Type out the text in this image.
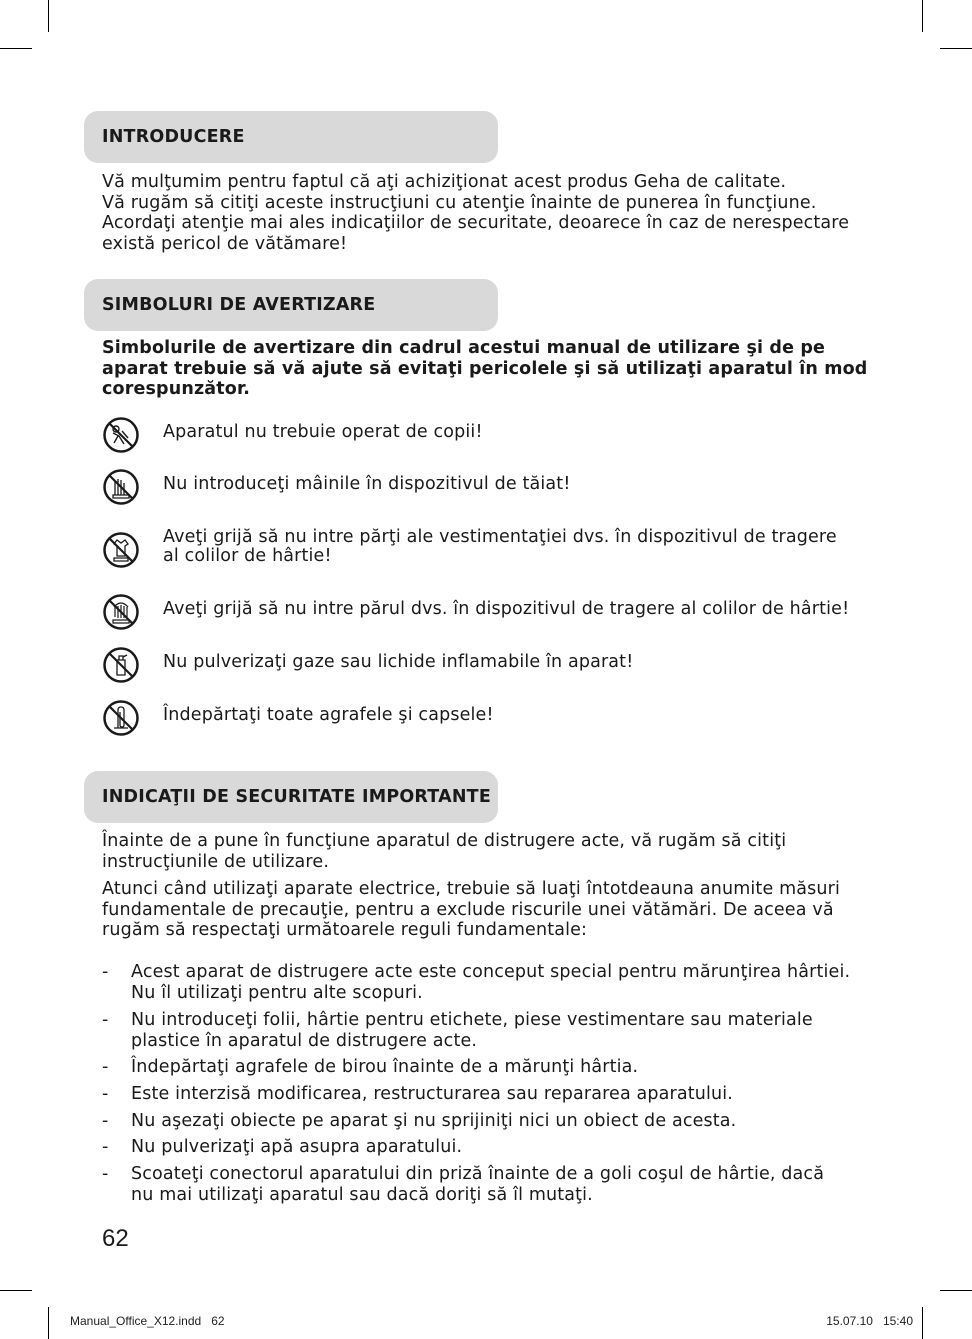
INTRODUCERE
Vă mulţumim pentru faptul că aţi achiziţionat acest produs Geha de calitate.
Vă rugăm să citiţi aceste instrucţiuni cu atenţie înainte de punerea în funcţiune.
Acordaţi atenţie mai ales indicaţiilor de securitate, deoarece în caz de nerespectare
există pericol de vătămare!
SIMBOLURI DE AVERTIZARE
Simbolurile de avertizare din cadrul acestui manual de utilizare şi de pe
aparat trebuie să vă ajute să evitaţi pericolele şi să utilizaţi aparatul în mod
corespunzător.
Aparatul nu trebuie operat de copii!
Nu introduceţi mâinile în dispozitivul de tăiat!
Aveţi grijă să nu intre părţi ale vestimentaţiei dvs. în dispozitivul de tragere
al colilor de hârtie!
Aveţi grijă să nu intre părul dvs. în dispozitivul de tragere al colilor de hârtie!
Nu pulverizaţi gaze sau lichide inflamabile în aparat!
Îndepărtaţi toate agrafele şi capsele!
INDICAŢII DE SECURITATE IMPORTANTE
Înainte de a pune în funcţiune aparatul de distrugere acte, vă rugăm să citiţi
instrucţiunile de utilizare.
Atunci când utilizaţi aparate electrice, trebuie să luaţi întotdeauna anumite măsuri
fundamentale de precauţie, pentru a exclude riscurile unei vătămări. De aceea vă
rugăm să respectaţi următoarele reguli fundamentale:
- Acest aparat de distrugere acte este conceput special pentru mărunţirea hârtiei.
Nu îl utilizaţi pentru alte scopuri.
- Nu introduceţi folii, hârtie pentru etichete, piese vestimentare sau materiale
plastice în aparatul de distrugere acte.
- Îndepărtaţi agrafele de birou înainte de a mărunţi hârtia.
- Este interzisă modificarea, restructurarea sau repararea aparatului.
- Nu aşezaţi obiecte pe aparat şi nu sprijiniţi nici un obiect de acesta.
- Nu pulverizaţi apă asupra aparatului.
- Scoateţi conectorul aparatului din priză înainte de a goli coşul de hârtie, dacă
nu mai utilizaţi aparatul sau dacă doriţi să îl mutaţi.
62
Manual_Office_X12.indd   62	15.07.10   15:40
